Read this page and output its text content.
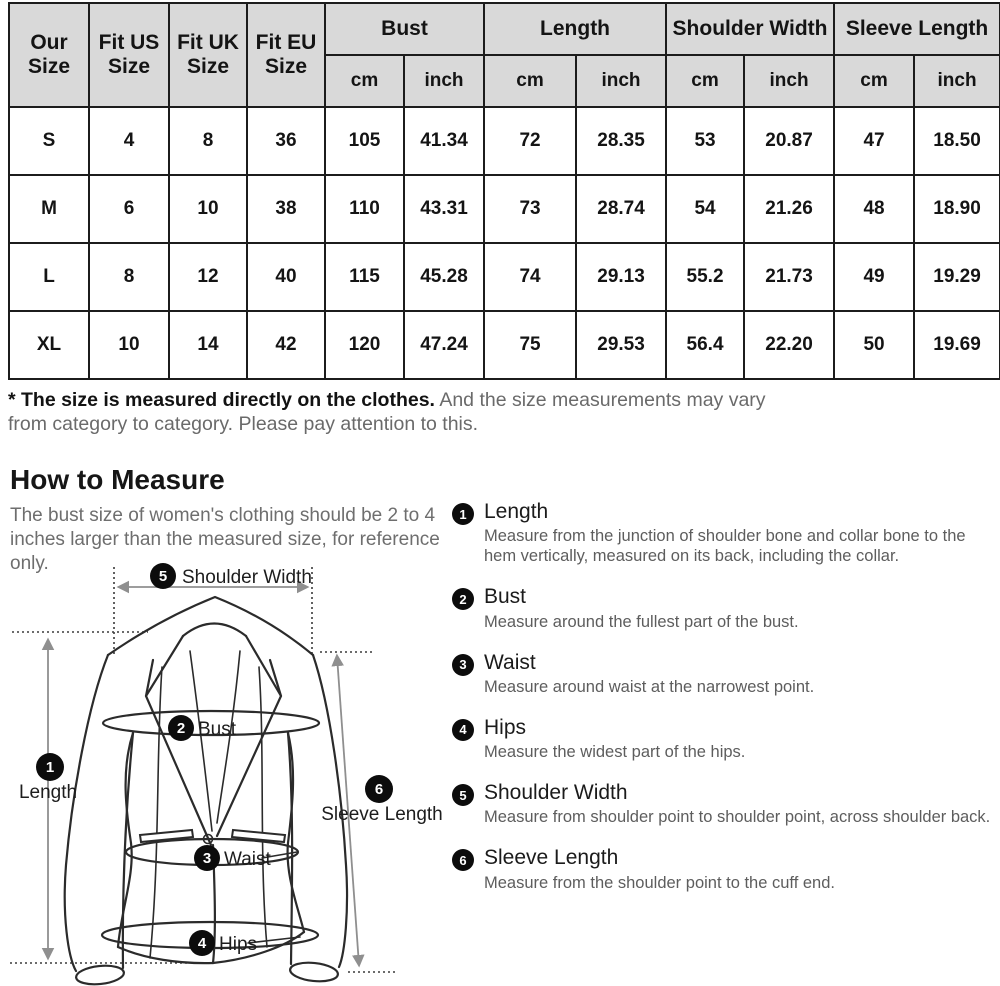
Our Size	Fit US Size	Fit UK Size	Fit EU Size	Bust		Length		Shoulder Width		Sleeve Length	
				cm	inch	cm	inch	cm	inch	cm	inch
S	4	8	36	105	41.34	72	28.35	53	20.87	47	18.50
M	6	10	38	110	43.31	73	28.74	54	21.26	48	18.90
L	8	12	40	115	45.28	74	29.13	55.2	21.73	49	19.29
XL	10	14	42	120	47.24	75	29.53	56.4	22.20	50	19.69

* The size is measured directly on the clothes. And the size measurements may vary from category to category. Please pay attention to this.

How to Measure

The bust size of women's clothing should be 2 to 4 inches larger than the measured size, for reference only.

1 Length

Measure from the junction of shoulder bone and collar bone to the hem vertically, measured on its back, including the collar.

2 Bust

Measure around the fullest part of the bust.

3 Waist

Measure around waist at the narrowest point.

4 Hips

Measure the widest part of the hips.

5 Shoulder Width

Measure from shoulder point to shoulder point, across shoulder back.

6 Sleeve Length

Measure from the shoulder point to the cuff end.

5 Shoulder Width
1
Length	6
Sleeve Length
2 Bust
3 Waist
4 Hips
